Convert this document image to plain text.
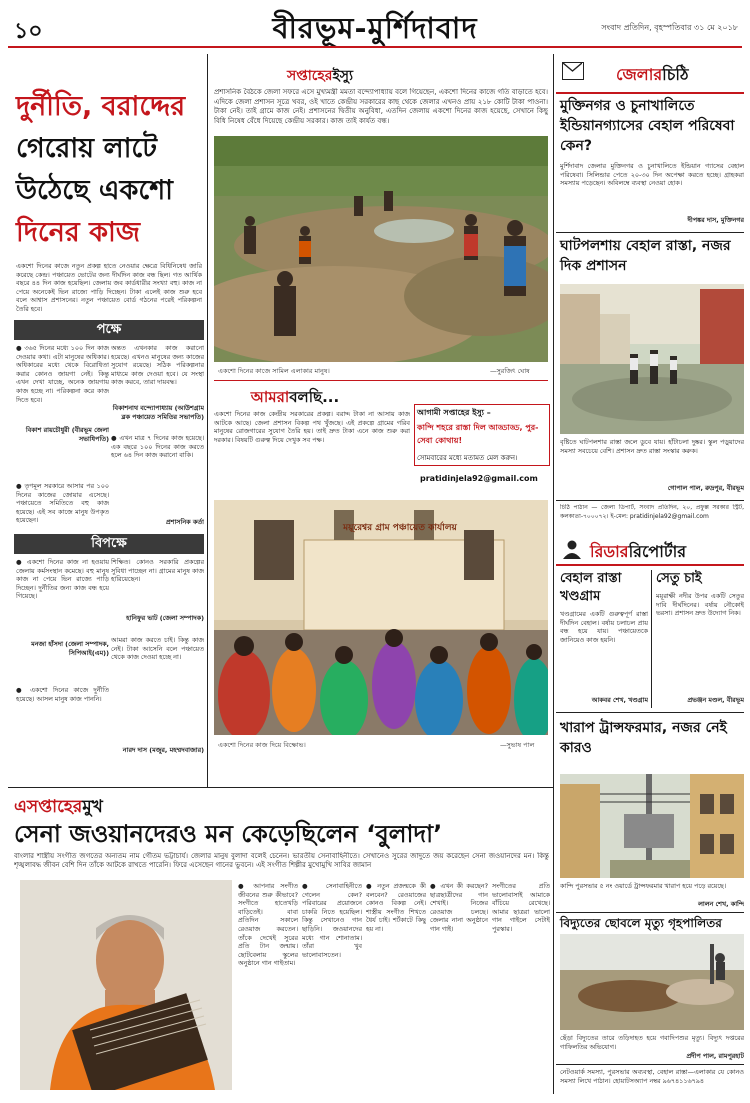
১০	বীরভূম-মুর্শিদাবাদ	সংবাদ প্রতিদিন, বৃহস্পতিবার ৩১ মে ২০১৮
সপ্তাহেরইস্যু
দুর্নীতি, বরাদ্দের
গেরোয় লাটে
উঠেছে একশো
দিনের কাজ
একশো দিনের কাজে নতুন প্রকল্প হাতে নেওয়ার ক্ষেত্রে বিধিনিষেধ জারি করেছে কেন্দ্র। পঞ্চায়েত ভোটের জন্য দীর্ঘদিন কাজ বন্ধ ছিল। গত আর্থিক বছরে ৪৪ দিন কাজ হয়েছিল। জেলায় জব কার্ডধারীর সংখ্যা বহু। কাজ না পেয়ে অনেকেই ভিন রাজ্যে পাড়ি দিচ্ছেন। টাকা এলেই কাজ শুরু হবে বলে আশ্বাস প্রশাসনের। নতুন পঞ্চায়েত বোর্ড গঠনের পরেই পরিকল্পনা তৈরি হবে।
প্রশাসনিক বৈঠকে জেলা সফরে এসে মুখ্যমন্ত্রী মমতা বন্দ্যোপাধ্যায় বলে গিয়েছেন, একশো দিনের কাজে গতি বাড়াতে হবে। এদিকে জেলা প্রশাসন সূত্রে খবর, ওই খাতে কেন্দ্রীয় সরকারের কাছ থেকে জেলার এখনও প্রায় ২১৮ কোটি টাকা পাওনা। টাকা নেই। তাই গ্রামে কাজ নেই। প্রশাসনের দ্বিতীয় অনুবিধা, এতদিন জেলায় একশো দিনের কাজ হয়েছে, সেখানে কিছু বিধি নিষেধ বেঁধে দিয়েছে কেন্দ্রীয় সরকার। কাজ তাই কার্যত বন্ধ।
একশো দিনের কাজে সামিল এলাকার মানুষ।	—সুরজিৎ ঘোষ
পক্ষে
● ৩৬৫ দিনের মধ্যে ১০০ দিন কাজ দেওয়ার কথা। এটা মানুষের অধিকার। অধিকারের মধ্যে থেকে বিরোধিতা করার কোনও জায়গা নেই। কিন্তু এখন দেখা যাচ্ছে, অনেক জায়গায় কাজ হচ্ছে না। পরিকল্পনা করে কাজ দিতে হবে।
বিকাশ রায়চৌধুরী (বীরভূম জেলা সভাধিপতি)
● তৃণমূল সরকারে আসার পর ১০০ দিনের কাজের জোয়ার এসেছে। পঞ্চায়েতে সমিতিতে বহু কাজ হয়েছে। এই সব কাজে মানুষ উপকৃত হয়েছেন।
অন্তত এখনকার কাজ করানো হয়েছে। এখনও মানুষের জন্য কাজের সুযোগ রয়েছে। সঠিক পরিকল্পনার মাধ্যমে কাজ দেওয়া হবে। যে সংস্থা কাজ করবে, তারা দায়বদ্ধ।
বিকাশনাথ বন্দ্যোপাধ্যায় (আউশগ্রাম ব্লক পঞ্চায়েত সমিতির সভাপতি)
● এখন মাত্র ৭ দিনের কাজ হয়েছে। এক বছরে ১০০ দিনের কাজ করতে হলে ৬৪ দিন কাজ করানো বাকি।
প্রশাসনিক কর্তা
বিপক্ষে
● একশো দিনের কাজ না হওয়ায় জেলায় কর্মসংস্থান কমেছে। বহু মানুষ কাজ না পেয়ে ভিন রাজ্যে পাড়ি দিচ্ছেন। দুর্নীতির জন্য কাজ বন্ধ হয়ে গিয়েছে।
মনজা হাঁসদা (জেলা সম্পাদক, সিপিআই(এম))
● একশো দিনের কাজে দুর্নীতি হয়েছে। আসল মানুষ কাজ পাননি।
শিক্ষিত। কোনও সরকারি প্রকল্পের সুবিধা পাচ্ছেন না। গ্রামের মানুষ কাজ হারিয়েছেন।
হানিফুর ভাট (জেলা সম্পাদক)
আমরা কাজ করতে চাই। কিন্তু কাজ নেই। টাকা আসেনি বলে পঞ্চায়েত থেকে কাজ দেওয়া হচ্ছে না।
নারদ দাস (মজুর, মহম্মদবাজার)
আমরাবলছি...
একশো দিনের কাজ কেন্দ্রীয় সরকারের প্রকল্প। বরাদ্দ টাকা না আসায় কাজ আটকে আছে। জেলা প্রশাসন বিকল্প পথ খুঁজছে। এই প্রকল্পে গ্রামের গরিব মানুষের রোজগারের সুযোগ তৈরি হয়। তাই দ্রুত টাকা এনে কাজ শুরু করা দরকার। বিষয়টি গুরুত্ব দিয়ে দেখুক সব পক্ষ।
আগামী সপ্তাহের ইস্যু –
কান্দি শহরে রাস্তা দিল আড্ডাড্ড, পুর-সেবা কোথায়!
সোমবারের মধ্যে মতামত মেল করুন।
pratidinjela92@gmail.com
ময়ূরেশ্বর গ্রাম পঞ্চায়েত কার্যালয়
একশো দিনের কাজ দিয়ে বিক্ষোভ।	—সুভাষ পাল
এসপ্তাহেরমুখ
সেনা জওয়ানদেরও মন কেড়েছিলেন ‘বুলাদা’
বাংলার শাস্ত্রীয় সংগীত জগতের অন্যতম নাম গৌতম ভট্টাচার্য। জেলার মানুষ বুলাদা বলেই চেনেন। ভারতীয় সেনাবাহিনীতে। সেখানেও সুরের জাদুতে জয় করেছেন সেনা জওয়ানদের মন। কিন্তু শৃঙ্খলাবদ্ধ জীবন বেশি দিন তাঁকে আটকে রাখতে পারেনি। ফিরে এসেছেন গানের ভুবনে। এই সংগীত শিল্পীর মুখোমুখি সাবির জামান
● আপনার সংগীত জীবনের শুরু কীভাবে? সংগীতে হাতেখড়ি বাড়িতেই। বাবা প্রতিদিন সকালে রেওয়াজ করতেন। তাঁকে দেখেই সুরের প্রতি টান জন্মায়। ছোটবেলায় স্কুলের অনুষ্ঠানে গান গাইতাম।
● সেনাবাহিনীতে গেলেন কেন? পরিবারের প্রয়োজনে চাকরি নিতে হয়েছিল। কিন্তু সেখানেও গান ছাড়িনি। জওয়ানদের মধ্যে গান শোনাতাম। তাঁরা খুব ভালোবাসতেন।
● নতুন প্রজন্মকে কী বলবেন? রেওয়াজের কোনও বিকল্প নেই। শাস্ত্রীয় সংগীত শিখতে ধৈর্য চাই। শর্টকাটে কিছু হয় না।
● এখন কী করছেন? ছাত্রছাত্রীদের গান শেখাই। নিজের রেওয়াজ চলছে। জেলার নানা অনুষ্ঠানে গান গাই।
সংগীতের প্রতি ভালোবাসাই আমাকে বাঁচিয়ে রেখেছে। আমার ছাত্ররা ভালো গান গাইলে সেটাই পুরস্কার।
জেলারচিঠি
মুক্তিনগর ও চুনাখালিতে ইন্ডিয়ানগ্যাসের বেহাল পরিষেবা কেন?
মুর্শিদাবাদ জেলার মুক্তিনগর ও চুনাখালিতে ইন্ডিয়ান গ্যাসের বেহাল পরিষেবা। সিলিন্ডার পেতে ২০-৩০ দিন অপেক্ষা করতে হচ্ছে। গ্রাহকরা সমস্যায় পড়েছেন। অবিলম্বে ব্যবস্থা নেওয়া হোক।
দীপঙ্কর দাস, মুক্তিনগর
ঘাটপলশায় বেহাল রাস্তা, নজর দিক প্রশাসন
বৃষ্টিতে ঘাটপলশার রাস্তা জলে ডুবে যায়। হাঁটাচলা দুষ্কর। স্কুল পড়ুয়াদের সমস্যা সবচেয়ে বেশি। প্রশাসন দ্রুত রাস্তা সংস্কার করুক।
গোপাল পাল, রুদ্রপুর, বীরভূম
চিঠি পাঠান — জেলা ডিপার্ট, সংবাদ প্রতিদিন, ২০, প্রফুল্ল সরকার স্ট্রিট, কলকাতা-৭০০০৭২। ই-মেল: pratidinjela92@gmail.com
রিডাররিপোর্টার
বেহাল রাস্তা খণ্ডগ্রাম
খণ্ডগ্রামের একটি গুরুত্বপূর্ণ রাস্তা দীর্ঘদিন বেহাল। বর্ষায় চলাচল প্রায় বন্ধ হয়ে যায়। পঞ্চায়েতকে জানিয়েও কাজ হয়নি।
আকবর শেখ, খণ্ডগ্রাম
সেতু চাই
ময়ূরাক্ষী নদীর উপর একটি সেতুর দাবি দীর্ঘদিনের। বর্ষায় নৌকোই ভরসা। প্রশাসন দ্রুত উদ্যোগ নিক।
প্রভঞ্জন মণ্ডল, বীরভূম
খারাপ ট্রান্সফরমার, নজর নেই কারও
কান্দি পুরসভার ৫ নং ওয়ার্ডে ট্রান্সফরমার খারাপ হয়ে পড়ে রয়েছে।
লালন শেখ, কান্দি
বিদ্যুতের ছোবলে মৃত্যু গৃহপালিতর
ছেঁড়া বিদ্যুতের তারে তড়িদাহত হয়ে গবাদিপশুর মৃত্যু। বিদ্যুৎ দপ্তরের গাফিলতির অভিযোগ।
প্রদীপ পাল, রামপুরহাট
নেটওয়ার্ক সমস্যা, পুরসভার অব্যবস্থা, বেহাল রাস্তা—এলাকার যে কোনও সমস্যা লিখে পাঠান। হোয়াটসঅ্যাপ নম্বর ৯৬৭৪১১৬৭৯৪
